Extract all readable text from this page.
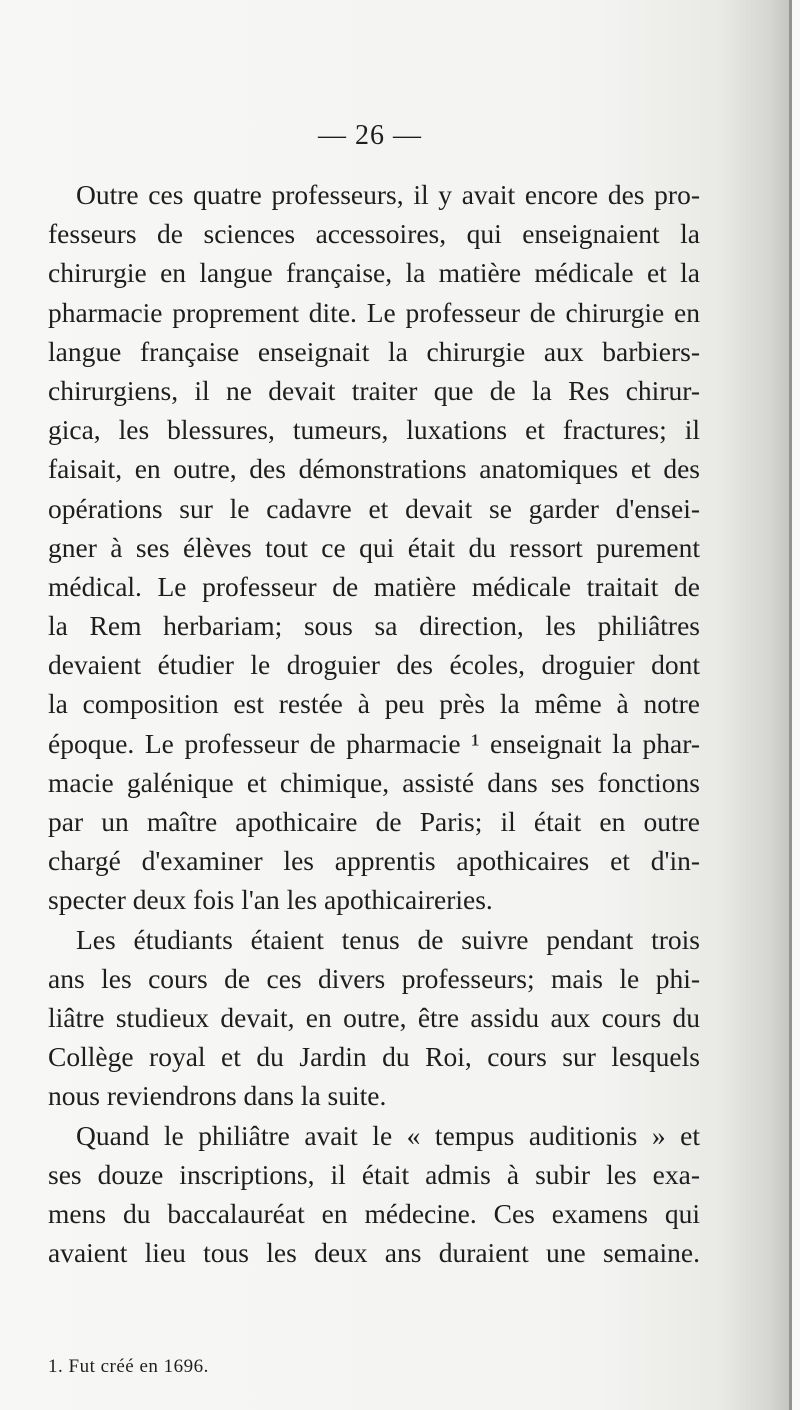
— 26 —
Outre ces quatre professeurs, il y avait encore des pro-
fesseurs de sciences accessoires, qui enseignaient la
chirurgie en langue française, la matière médicale et la
pharmacie proprement dite. Le professeur de chirurgie en
langue française enseignait la chirurgie aux barbiers-
chirurgiens, il ne devait traiter que de la Res chirur-
gica, les blessures, tumeurs, luxations et fractures; il
faisait, en outre, des démonstrations anatomiques et des
opérations sur le cadavre et devait se garder d'ensei-
gner à ses élèves tout ce qui était du ressort purement
médical. Le professeur de matière médicale traitait de
la Rem herbariam; sous sa direction, les philiâtres
devaient étudier le droguier des écoles, droguier dont
la composition est restée à peu près la même à notre
époque. Le professeur de pharmacie ¹ enseignait la phar-
macie galénique et chimique, assisté dans ses fonctions
par un maître apothicaire de Paris; il était en outre
chargé d'examiner les apprentis apothicaires et d'in-
specter deux fois l'an les apothicaireries.
Les étudiants étaient tenus de suivre pendant trois
ans les cours de ces divers professeurs; mais le phi-
liâtre studieux devait, en outre, être assidu aux cours du
Collège royal et du Jardin du Roi, cours sur lesquels
nous reviendrons dans la suite.
Quand le philiâtre avait le « tempus auditionis » et
ses douze inscriptions, il était admis à subir les exa-
mens du baccalauréat en médecine. Ces examens qui
avaient lieu tous les deux ans duraient une semaine.
1. Fut créé en 1696.
